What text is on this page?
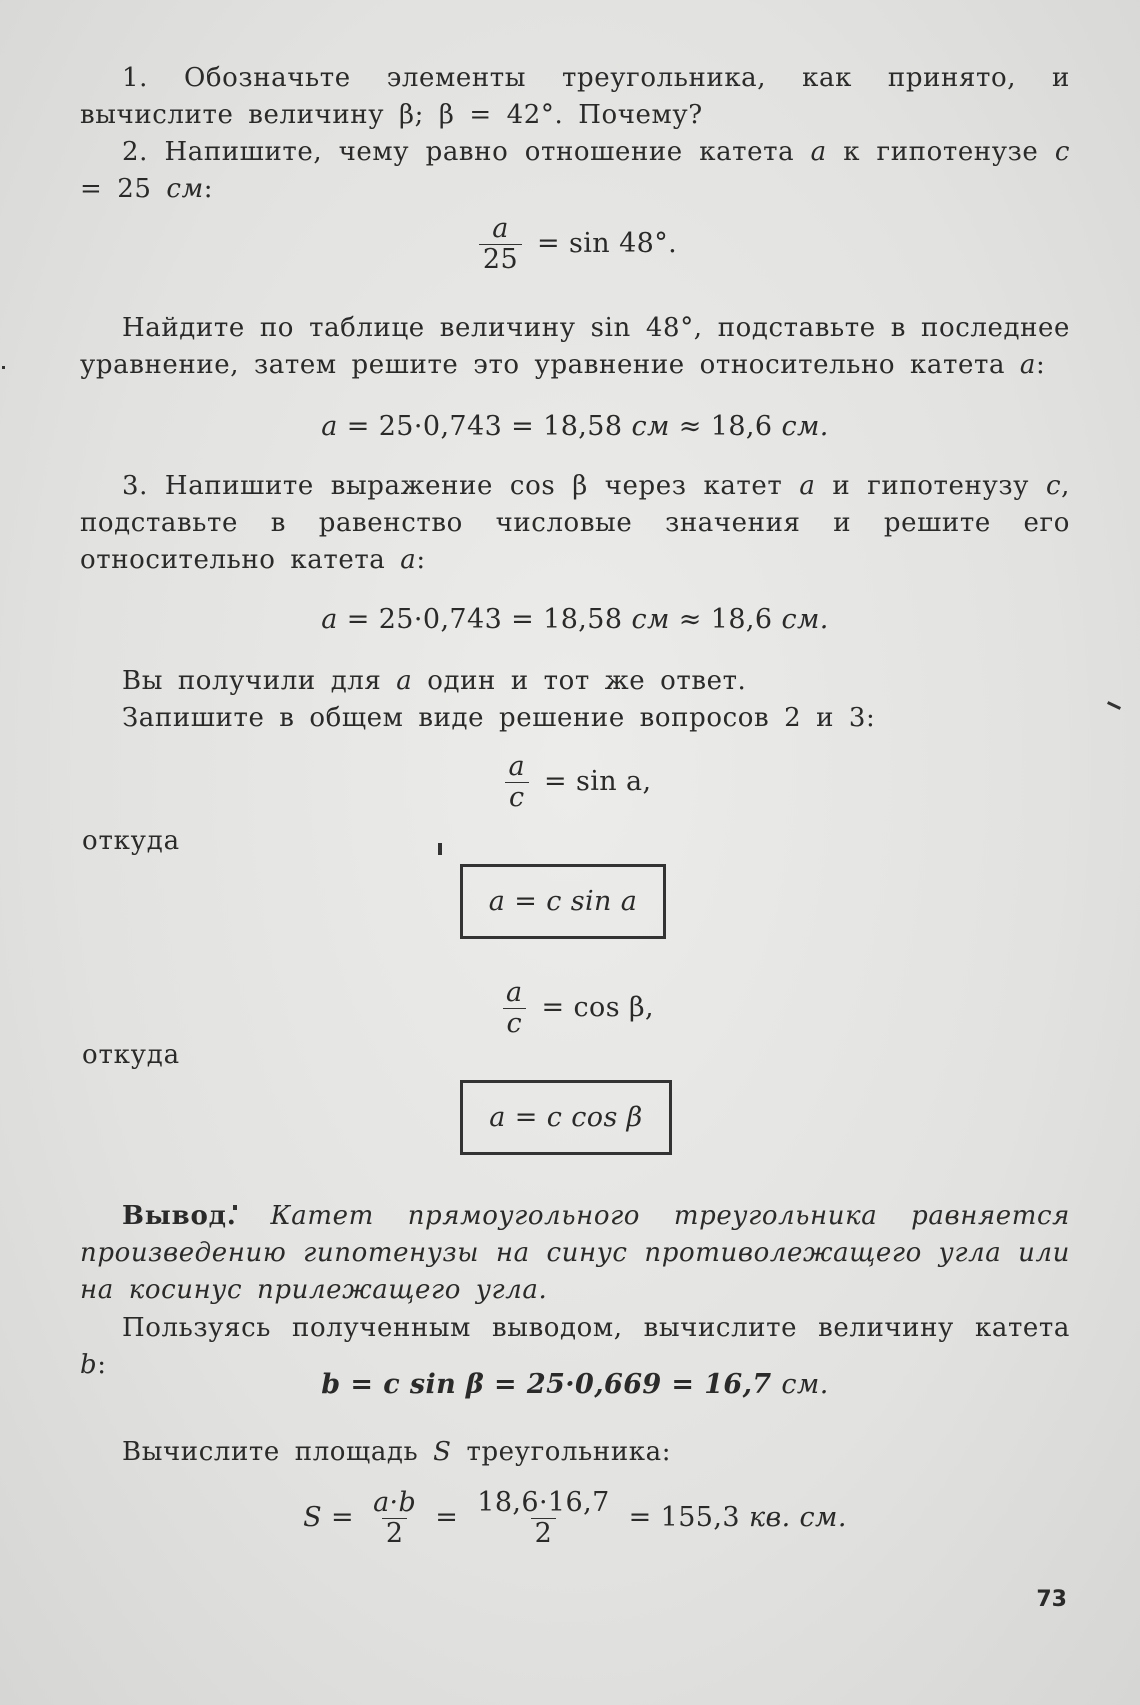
1. Обозначьте элементы треугольника, как принято, и вычислите величину β; β = 42°. Почему?
2. Напишите, чему равно отношение катета a к гипотенузе c = 25 см:
$\frac{a}{25} = \sin 48^\circ$.
Найдите по таблице величину sin 48°, подставьте в последнее уравнение, затем решите это уравнение относительно катета a:
a = 25·0,743 = 18,58 см ≈ 18,6 см.
3. Напишите выражение cos β через катет a и гипотенузу c, подставьте в равенство числовые значения и решите его относительно катета a:
a = 25·0,743 = 18,58 см ≈ 18,6 см.
Вы получили для a один и тот же ответ.
Запишите в общем виде решение вопросов 2 и 3:
$\frac{a}{c} = \sin a$,
откуда
a = c sin a
$\frac{a}{c} = \cos \beta$,
откуда
a = c cos β
Вывод. Катет прямоугольного треугольника равняется произведению гипотенузы на синус противолежащего угла или на косинус прилежащего угла.
Пользуясь полученным выводом, вычислите величину катета b:
b = c sin β = 25·0,669 = 16,7 см.
Вычислите площадь S треугольника:
$S = \frac{a\cdot b}{2} = \frac{18,6\cdot 16,7}{2} = 155,3$ кв. см.
73
